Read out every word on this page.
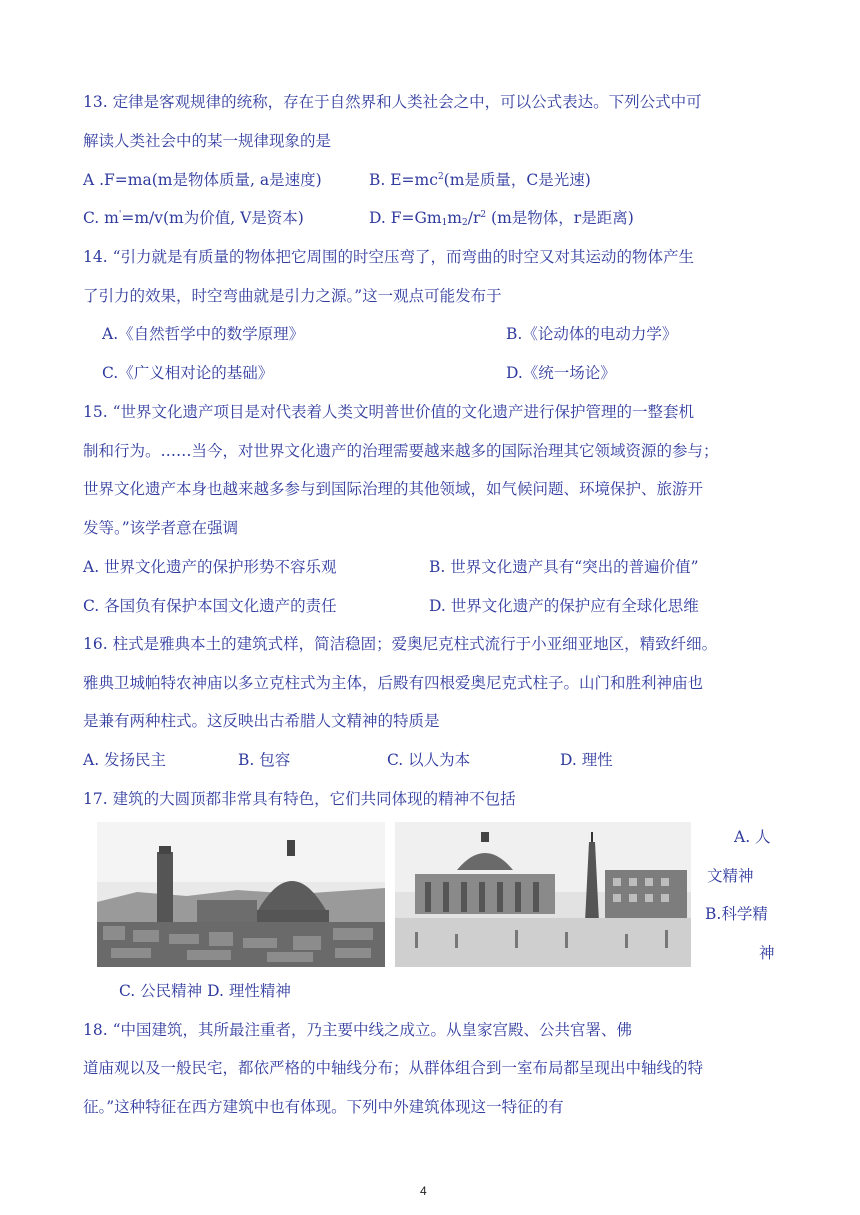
13. 定律是客观规律的统称，存在于自然界和人类社会之中，可以公式表达。下列公式中可
解读人类社会中的某一规律现象的是
A .F=ma(m是物体质量, a是速度)	B. $E=mc^2(m$是质量，C是光速)
C. m'=m/v(m为价值, V是资本)	D. $F=Gm_1m_2/r^2$ (m是物体，r是距离)
14. “引力就是有质量的物体把它周围的时空压弯了，而弯曲的时空又对其运动的物体产生
了引力的效果，时空弯曲就是引力之源。”这一观点可能发布于
A.《自然哲学中的数学原理》	B.《论动体的电动力学》
C.《广义相对论的基础》	D.《统一场论》
15. “世界文化遗产项目是对代表着人类文明普世价值的文化遗产进行保护管理的一整套机
制和行为。……当今，对世界文化遗产的治理需要越来越多的国际治理其它领域资源的参与；
世界文化遗产本身也越来越多参与到国际治理的其他领域，如气候问题、环境保护、旅游开
发等。”该学者意在强调
A. 世界文化遗产的保护形势不容乐观	B. 世界文化遗产具有“突出的普遍价值”
C. 各国负有保护本国文化遗产的责任	D. 世界文化遗产的保护应有全球化思维
16. 柱式是雅典本土的建筑式样，简洁稳固；爱奥尼克柱式流行于小亚细亚地区，精致纤细。
雅典卫城帕特农神庙以多立克柱式为主体，后殿有四根爱奥尼克式柱子。山门和胜利神庙也
是兼有两种柱式。这反映出古希腊人文精神的特质是
A. 发扬民主	B. 包容	C. 以人为本	D. 理性
17. 建筑的大圆顶都非常具有特色，它们共同体现的精神不包括
A. 人
文精神
B.科学精
神
C. 公民精神 D. 理性精神
18. “中国建筑，其所最注重者，乃主要中线之成立。从皇家宫殿、公共官署、佛
道庙观以及一般民宅，都依严格的中轴线分布；从群体组合到一室布局都呈现出中轴线的特
征。”这种特征在西方建筑中也有体现。下列中外建筑体现这一特征的有
4
